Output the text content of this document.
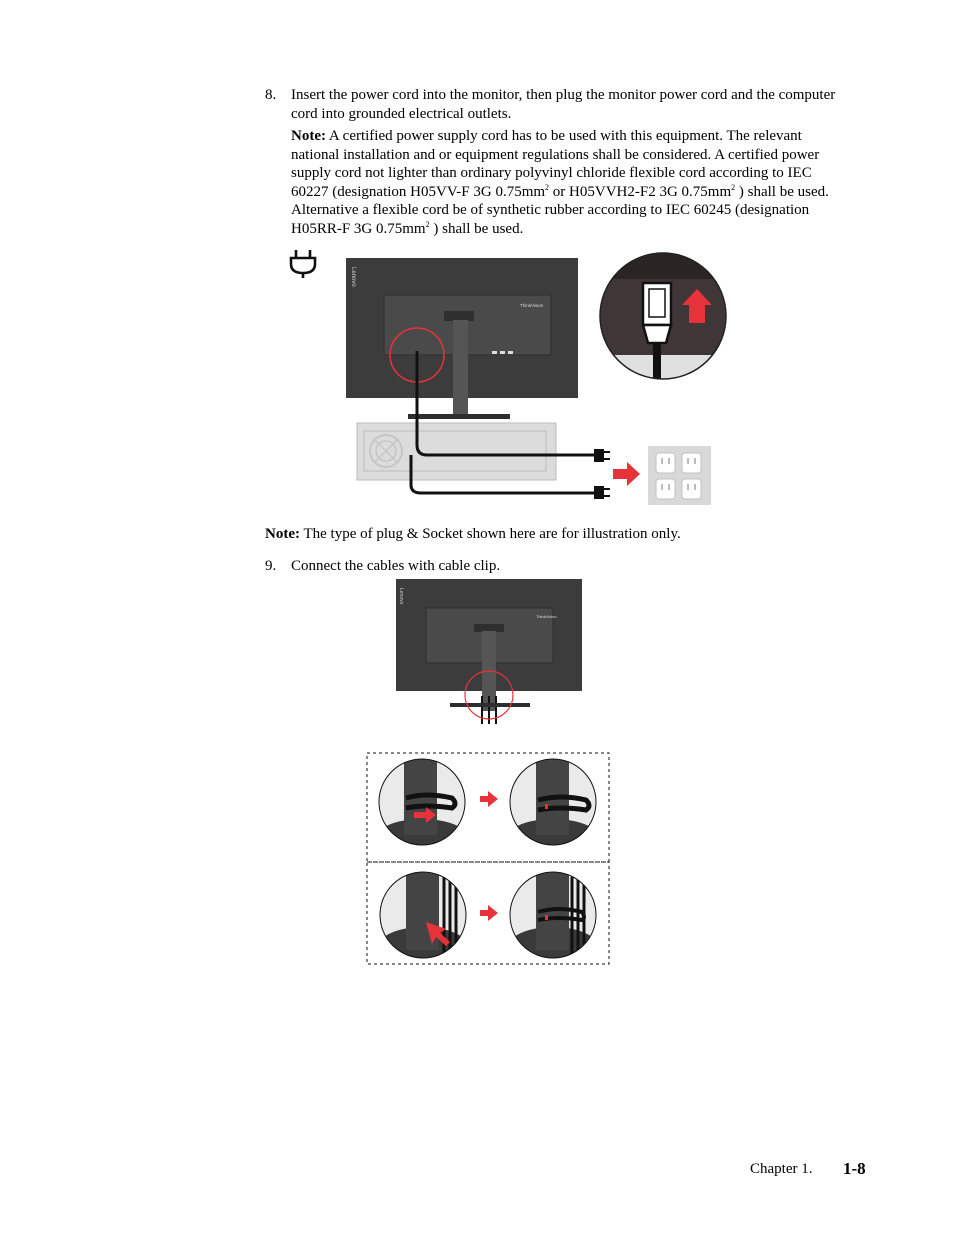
8. Insert the power cord into the monitor, then plug the monitor power cord and the computer
cord into grounded electrical outlets.
Note: A certified power supply cord has to be used with this equipment. The relevant
national installation and or equipment regulations shall be considered. A certified power
supply cord not lighter than ordinary polyvinyl chloride flexible cord according to IEC
60227 (designation H05VV-F 3G $0.75mm^2$ or H05VVH2-F2 3G $0.75mm^2$ ) shall be used.
Alternative a flexible cord be of synthetic rubber according to IEC 60245 (designation
H05RR-F 3G $0.75mm^2$ ) shall be used.
Lenovo
ThinkVision
Note: The type of plug & Socket shown here are for illustration only.
9. Connect the cables with cable clip.
Lenovo
ThinkVision
Chapter 1. 1-8
